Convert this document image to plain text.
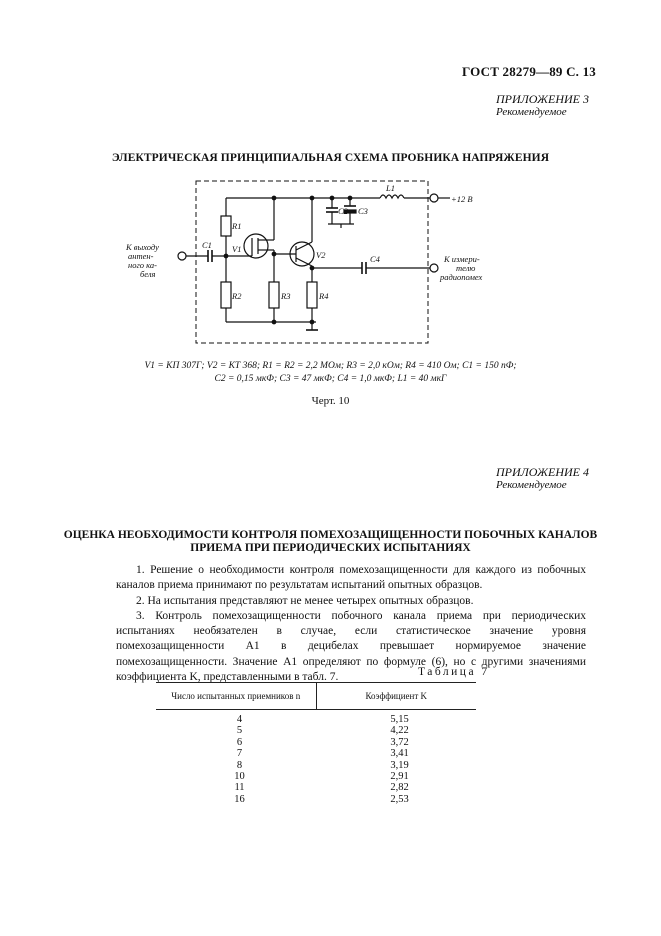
ГОСТ 28279—89 С. 13
ПРИЛОЖЕНИЕ 3
Рекомендуемое
ЭЛЕКТРИЧЕСКАЯ ПРИНЦИПИАЛЬНАЯ СХЕМА ПРОБНИКА НАПРЯЖЕНИЯ
+12 В
L1
C2 C3
C1
R1
R2	R3	R4
V1
V2	C4
К выходу
антен-
ного ка-
беля
К измери-
телю
радиопомех
V1 = КП 307Г; V2 = КТ 368; R1 = R2 = 2,2 МОм; R3 = 2,0 кОм; R4 = 410 Ом; C1 = 150 пФ;
C2 = 0,15 мкФ; C3 = 47 мкФ; C4 = 1,0 мкФ; L1 = 40 мкГ
Черт. 10
ПРИЛОЖЕНИЕ 4
Рекомендуемое
ОЦЕНКА НЕОБХОДИМОСТИ КОНТРОЛЯ ПОМЕХОЗАЩИЩЕННОСТИ ПОБОЧНЫХ КАНАЛОВ
ПРИЕМА ПРИ ПЕРИОДИЧЕСКИХ ИСПЫТАНИЯХ

1. Решение о необходимости контроля помехозащищенности для каждого из побочных каналов приема принимают по результатам испытаний опытных образцов.

2. На испытания представляют не менее четырех опытных образцов.

3. Контроль помехозащищенности побочного канала приема при периодических испытаниях необязателен в случае, если статистическое значение уровня помехозащищенности A1 в децибелах превышает нормируемое значение помехозащищенности. Значение A1 определяют по формуле (6), но с другими значениями коэффициента K, представленными в табл. 7.	Таблица 7
Число испытанных приемников n	Коэффициент K
4	5,15
5	4,22
6	3,72
7	3,41
8	3,19
10	2,91
11	2,82
16	2,53
